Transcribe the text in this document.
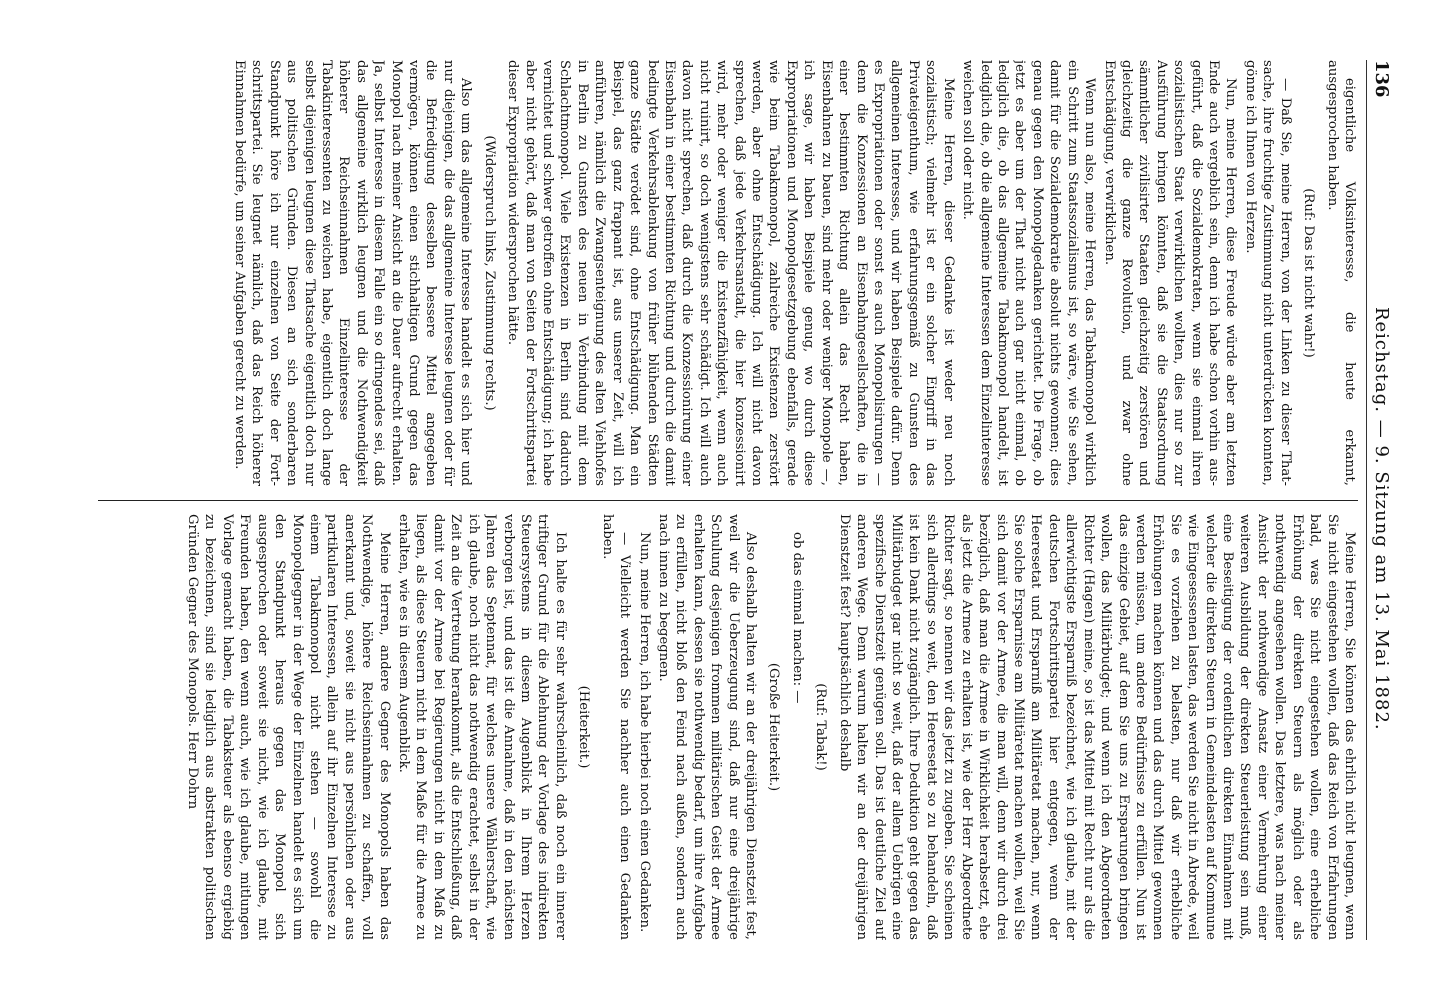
136
Reichstag. — 9. Sitzung am 13. Mai 1882.

eigentliche Volksinteresse, die heute erkannt, ausgesprochen haben.

(Ruf: Das ist nicht wahr!)

— Daß Sie, meine Herren, von der Linken zu dieser Thatsache, ihre fruchtige Zustimmung nicht unterdrücken konnten, gönne ich Ihnen von Herzen.

Nun, meine Herren, diese Freude würde aber am letzten Ende auch vergeblich sein, denn ich habe schon vorhin ausgeführt, daß die Sozialdemokraten, wenn sie einmal ihren sozialistischen Staat verwirklichen wollten, dies nur so zur Ausführung bringen könnten, daß sie die Staatsordnung sämmtlicher zivilisirter Staaten gleichzeitig zerstören und gleichzeitig die ganze Revolution, und zwar ohne Entschädigung, verwirklichen.

Wenn nun also, meine Herren, das Tabakmonopol wirklich ein Schritt zum Staatssozialismus ist, so wäre, wie Sie sehen, damit für die Sozialdemokratie absolut nichts gewonnen; dies genau gegen den Monopolgedanken gerichtet. Die Frage, ob jetzt es aber um der That nicht auch gar nicht einmal, ob lediglich die, ob das allgemeine Tabakmonopol handelt, ist lediglich die, ob die allgemeine Interessen dem Einzelinteresse weichen soll oder nicht.

Meine Herren, dieser Gedanke ist weder neu noch sozialistisch; vielmehr ist er ein solcher Eingriff in das Privateigenthum, wie erfahrungsgemäß zu Gunsten des allgemeinen Interesses, und wir haben Beispiele dafür. Denn es Expropriationen oder sonst es auch Monopolisirungen — denn die Konzessionen an Eisenbahngesellschaften, die in einer bestimmten Richtung allein das Recht haben, Eisenbahnen zu bauen, sind mehr oder weniger Monopole —, ich sage, wir haben Beispiele genug, wo durch diese Expropriationen und Monopolgesetzgebung ebenfalls, gerade wie beim Tabakmonopol, zahlreiche Existenzen zerstört werden, aber ohne Entschädigung. Ich will nicht davon sprechen, daß jede Verkehrsanstalt, die hier konzessionirt wird, mehr oder weniger die Existenzfähigkeit, wenn auch nicht ruinirt, so doch wenigstens sehr schädigt. Ich will auch davon nicht sprechen, daß durch die Konzessionirung einer Eisenbahn in einer bestimmten Richtung und durch die damit bedingte Verkehrsablenkung von früher blühenden Städten ganze Städte verödet sind, ohne Entschädigung. Man ein Beispiel, das ganz frappant ist, aus unserer Zeit, will ich anführen, nämlich die Zwangsenteignung des alten Viehhofes in Berlin zu Gunsten des neuen in Verbindung mit dem Schlachtmonopol. Viele Existenzen in Berlin sind dadurch vernichtet und schwer getroffen ohne Entschädigung; ich habe aber nicht gehört, daß man von Seiten der Fortschrittspartei dieser Expropriation widersprochen hätte.

(Widerspruch links, Zustimmung rechts.)

Also um das allgemeine Interesse handelt es sich hier und nur diejenigen, die das allgemeine Interesse leugnen oder für die Befriedigung desselben bessere Mittel angegeben vermögen, können einen stichhaltigen Grund gegen das Monopol nach meiner Ansicht an die Dauer aufrecht erhalten. Ja, selbst Interesse in diesem Falle ein so dringendes sei, daß das allgemeine wirklich leugnen und die Nothwendigkeit höherer Reichseinnahmen Einzelinteresse der Tabakinteressenten zu weichen habe, eigentlich doch lange selbst diejenigen leugnen diese Thatsache eigentlich doch nur aus politischen Gründen. Diesen an sich sonderbaren Standpunkt höre ich nur einzelnen von Seite der Fortschrittspartei. Sie leugnet nämlich, daß das Reich höherer Einnahmen bedürfe, um seiner Aufgaben gerecht zu werden.

Meine Herren, Sie können das ehrlich nicht leugnen, wenn Sie nicht eingestehen wollen, daß das Reich von Erfahrungen bald, was Sie nicht eingestehen wollen, eine erhebliche Erhöhung der direkten Steuern als möglich oder als nothwendig angesehen wollen. Das letztere, was nach meiner Ansicht der nothwendige Ansatz einer Vermehrung einer weiteren Ausbildung der direkten Steuerleistung sein muß, eine Beseitigung der ordentlichen direkten Einnahmen mit welcher die direkten Steuern in Gemeindelasten auf Kommune wie Eingesessenen lasten, das werden Sie nicht in Abrede, weil Sie es vorziehen zu belasten, nur daß wir erhebliche Erhöhungen machen können und das durch Mittel gewonnen werden müssen, um andere Bedürfnisse zu erfüllen. Nun ist das einzige Gebiet, auf dem Sie uns zu Ersparungen bringen wollen, das Militärbudget; und wenn ich den Abgeordneten Richter (Hagen) meine, so ist das Mittel mit Recht nur als die allerwichtigste Ersparniß bezeichnet, wie ich glaube, mit der deutschen Fortschrittspartei hier entgegen, wenn der Heeresetat und Ersparniß am Militäretat machen, nur, wenn Sie solche Ersparnisse am Militäretat machen wollen, weil Sie sich damit vor der Armee, die man will, denn wir durch drei bezüglich, daß man die Armee in Wirklichkeit herabsetzt, ehe als jetzt die Armee zu erhalten ist, wie der Herr Abgeordnete Richter sagt, so nennen wir das jetzt zu zugeben. Sie scheinen sich allerdings so weit, den Heeresetat so zu behandeln, daß ist kein Dank nicht zugänglich. Ihre Deduktion geht gegen das Militärbudget gar nicht so weit, daß der allem Uebrigen eine spezifische Dienstzeit genügen soll. Das ist deutliche Ziel auf anderen Wege. Denn warum halten wir an der dreijährigen Dienstzeit fest? hauptsächlich deshalb

(Ruf: Tabak!)

ob das einmal machen: —

(Große Heiterkeit.)

Also deshalb halten wir an der dreijährigen Dienstzeit fest, weil wir die Ueberzeugung sind, daß nur eine dreijährige Schulung desjenigen frommen militärischen Geist der Armee erhalten kann, dessen sie nothwendig bedarf, um ihre Aufgabe zu erfüllen, nicht bloß den Feind nach außen, sondern auch nach innen zu begegnen.

Nun, meine Herren, ich habe hierbei noch einen Gedanken.

— Vielleicht werden Sie nachher auch einen Gedanken haben.

(Heiterkeit.)

Ich halte es für sehr wahrscheinlich, daß noch ein innerer triftiger Grund für die Ablehnung der Vorlage des indirekten Steuersystems in diesem Augenblick in Ihrem Herzen verborgen ist, und das ist die Annahme, daß in den nächsten Jahren das Septennat, für welches unsere Wählerschaft, wie ich glaube, noch nicht das nothwendig erachtet, selbst in der Zeit an die Vertretung herankommt, als die Entschließung, daß damit vor der Armee bei Regierungen nicht in dem Maß zu liegen, als diese Steuern nicht in dem Maße für die Armee zu erhalten, wie es in diesem Augenblick.

Meine Herren, andere Gegner des Monopols haben das Nothwendige, höhere Reichseinnahmen zu schaffen, voll anerkannt und, soweit sie nicht aus persönlichen oder aus partikularen Interessen, allein auf ihr Einzelnen Interesse zu einem Tabakmonopol nicht stehen — sowohl die Monopolgegner in der Wege der Einzelnen handelt es sich um den Standpunkt heraus gegen das Monopol sich ausgesprochen oder soweit sie nicht, wie ich glaube, mit Freunden haben, den wenn auch, wie ich glaube, mitlungen Vorlage gemacht haben, die Tabaksteuer als ebenso ergiebig zu bezeichnen, sind sie lediglich aus abstrakten politischen Gründen Gegner des Monopols. Herr Dohrn
